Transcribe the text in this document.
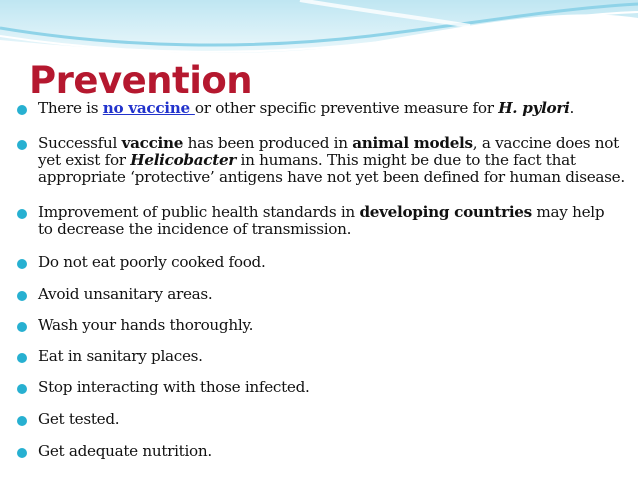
Prevention
There is no vaccine or other specific preventive measure for H. pylori.
Successful vaccine has been produced in animal models, a vaccine does not
yet exist for Helicobacter in humans. This might be due to the fact that
appropriate ‘protective’ antigens have not yet been defined for human disease.
Improvement of public health standards in developing countries may help
to decrease the incidence of transmission.
Do not eat poorly cooked food.
Avoid unsanitary areas.
Wash your hands thoroughly.
Eat in sanitary places.
Stop interacting with those infected.
Get tested.
Get adequate nutrition.
